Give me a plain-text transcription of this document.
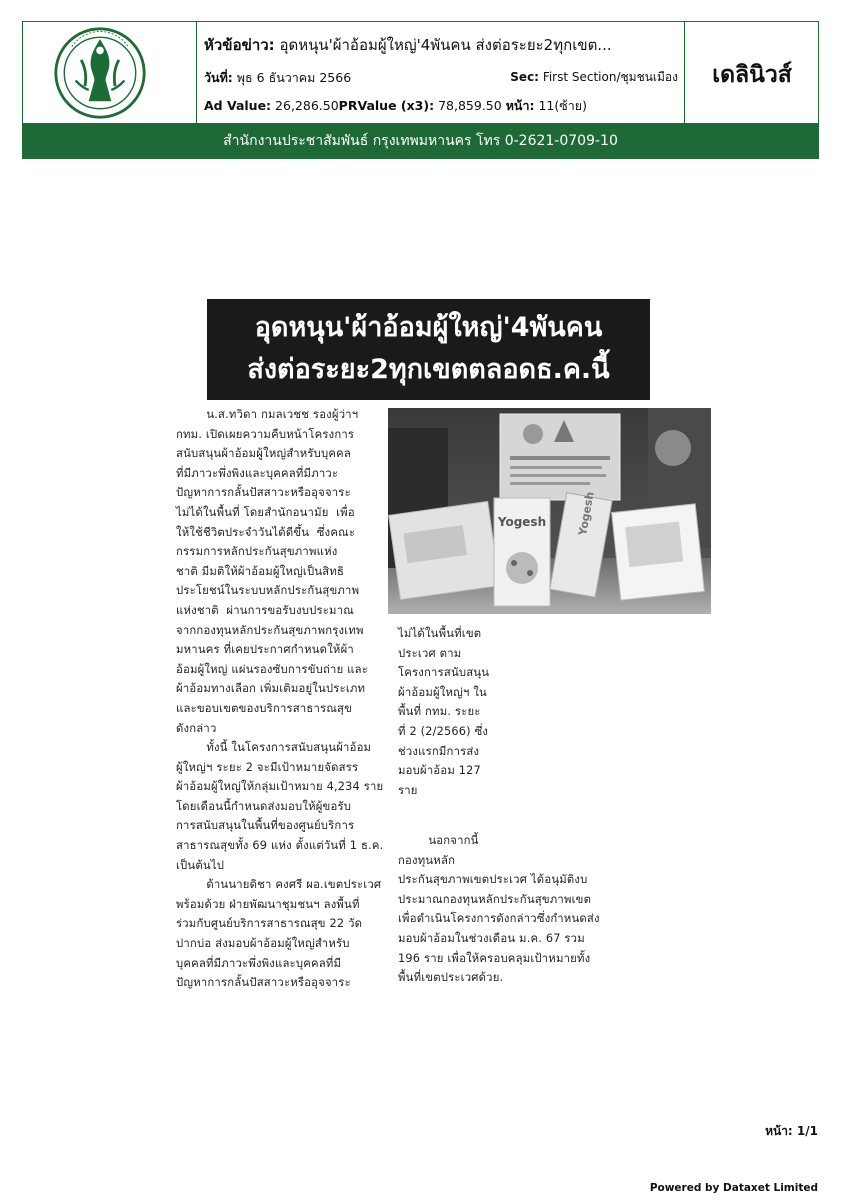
หัวข้อข่าว: อุดหนุน'ผ้าอ้อมผู้ใหญ่'4พันคน ส่งต่อระยะ2ทุกเขต...
วันที่: พุธ 6 ธันวาคม 2566	Sec: First Section/ชุมชนเมือง
Ad Value: 26,286.50PRValue (x3): 78,859.50 หน้า: 11(ซ้าย)
เดลินิวส์
สำนักงานประชาสัมพันธ์ กรุงเทพมหานคร โทร 0-2621-0709-10
อุดหนุน'ผ้าอ้อมผู้ใหญ่'4พันคน
ส่งต่อระยะ2ทุกเขตตลอดธ.ค.นี้
Yogesh	Yogesh

น.ส.ทวิดา กมลเวชช รองผู้ว่าฯ

กทม. เปิดเผยความคืบหน้าโครงการ

สนับสนุนผ้าอ้อมผู้ใหญ่สำหรับบุคคล

ที่มีภาวะพึ่งพิงและบุคคลที่มีภาวะ

ปัญหาการกลั้นปัสสาวะหรืออุจจาระ

ไม่ได้ในพื้นที่ โดยสำนักอนามัย  เพื่อ

ให้ใช้ชีวิตประจำวันได้ดีขึ้น  ซึ่งคณะ

กรรมการหลักประกันสุขภาพแห่ง

ชาติ มีมติให้ผ้าอ้อมผู้ใหญ่เป็นสิทธิ

ประโยชน์ในระบบหลักประกันสุขภาพ

แห่งชาติ  ผ่านการขอรับงบประมาณ

จากกองทุนหลักประกันสุขภาพกรุงเทพ

มหานคร ที่เคยประกาศกำหนดให้ผ้า

อ้อมผู้ใหญ่ แผ่นรองซับการขับถ่าย และ

ผ้าอ้อมทางเลือก เพิ่มเติมอยู่ในประเภท

และขอบเขตของบริการสาธารณสุข

ดังกล่าว

ทั้งนี้ ในโครงการสนับสนุนผ้าอ้อม

ผู้ใหญ่ฯ ระยะ 2 จะมีเป้าหมายจัดสรร

ผ้าอ้อมผู้ใหญ่ให้กลุ่มเป้าหมาย 4,234 ราย

โดยเดือนนี้กำหนดส่งมอบให้ผู้ขอรับ

การสนับสนุนในพื้นที่ของศูนย์บริการ

สาธารณสุขทั้ง 69 แห่ง ตั้งแต่วันที่ 1 ธ.ค.

เป็นต้นไป

ด้านนายดิชา คงศรี ผอ.เขตประเวศ

พร้อมด้วย ฝ่ายพัฒนาชุมชนฯ ลงพื้นที่

ร่วมกับศูนย์บริการสาธารณสุข 22 วัด

ปากบ่อ ส่งมอบผ้าอ้อมผู้ใหญ่สำหรับ

บุคคลที่มีภาวะพึ่งพิงและบุคคลที่มี

ปัญหาการกลั้นปัสสาวะหรืออุจจาระ

ไม่ได้ในพื้นที่เขต

ประเวศ ตาม

โครงการสนับสนุน

ผ้าอ้อมผู้ใหญ่ฯ ใน

พื้นที่ กทม. ระยะ

ที่ 2 (2/2566) ซึ่ง

ช่วงแรกมีการส่ง

มอบผ้าอ้อม 127

ราย

นอกจากนี้

กองทุนหลัก

ประกันสุขภาพเขตประเวศ ได้อนุมัติงบ

ประมาณกองทุนหลักประกันสุขภาพเขต

เพื่อดำเนินโครงการดังกล่าวซึ่งกำหนดส่ง

มอบผ้าอ้อมในช่วงเดือน ม.ค. 67 รวม

196 ราย เพื่อให้ครอบคลุมเป้าหมายทั้ง

พื้นที่เขตประเวศด้วย.

หน้า: 1/1
Powered by Dataxet Limited
